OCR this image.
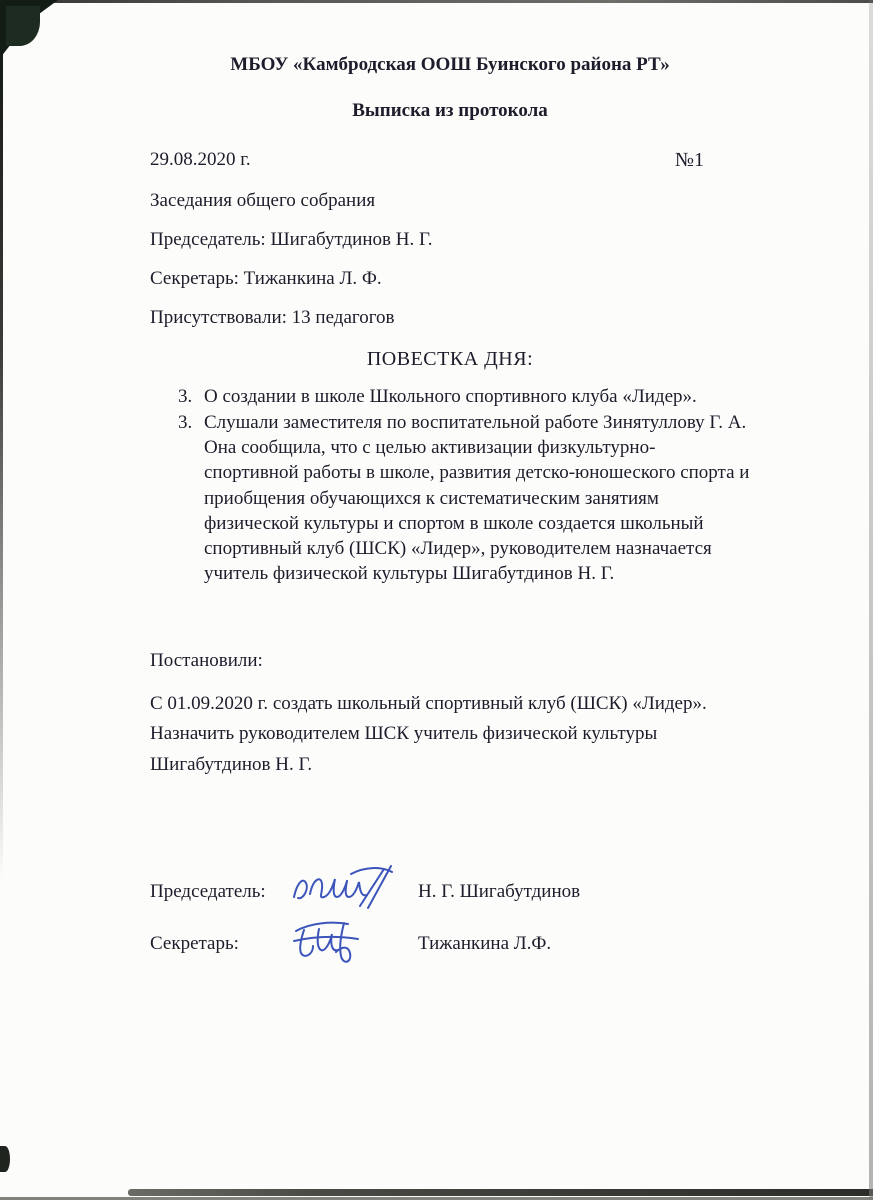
МБОУ «Камбродская ООШ Буинского района РТ»
Выписка из протокола
29.08.2020 г.	№1

Заседания общего собрания

Председатель: Шигабутдинов Н. Г.

Секретарь: Тижанкина Л. Ф.

Присутствовали: 13 педагогов

ПОВЕСТКА ДНЯ:
3. О создании в школе Школьного спортивного клуба «Лидер».
3. Слушали заместителя по воспитательной работе Зинятуллову Г. А. Она сообщила, что с целью активизации физкультурно-спортивной работы в школе, развития детско-юношеского спорта и приобщения обучающихся к систематическим занятиям физической культуры и спортом в школе создается школьный спортивный клуб (ШСК) «Лидер», руководителем назначается учитель физической культуры Шигабутдинов Н. Г.

Постановили:

С 01.09.2020 г. создать школьный спортивный клуб (ШСК) «Лидер». Назначить руководителем ШСК учитель физической культуры Шигабутдинов Н. Г.

Председатель:	Н. Г. Шигабутдинов
Секретарь:	Тижанкина Л.Ф.
